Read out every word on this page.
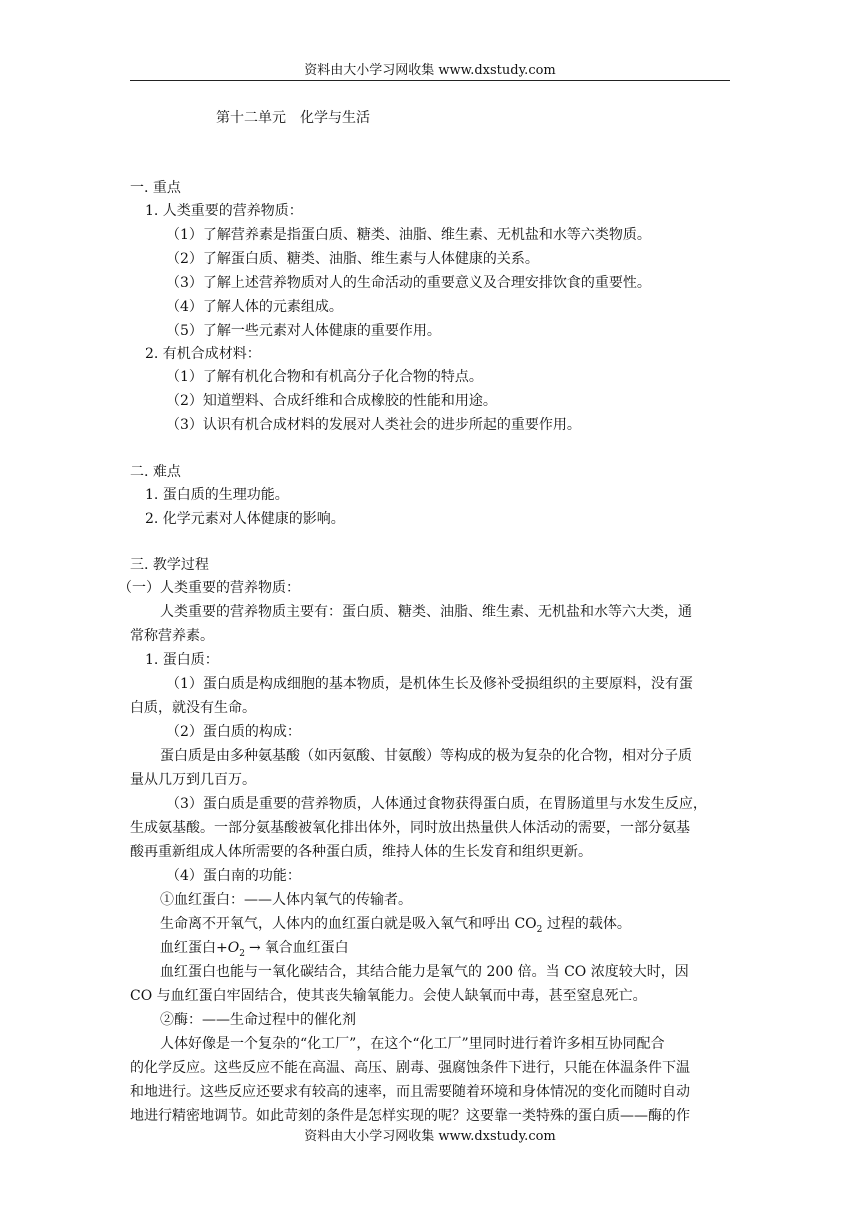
资料由大小学习网收集 www.dxstudy.com
第十二单元　化学与生活
一. 重点
1. 人类重要的营养物质：
（1）了解营养素是指蛋白质、糖类、油脂、维生素、无机盐和水等六类物质。
（2）了解蛋白质、糖类、油脂、维生素与人体健康的关系。
（3）了解上述营养物质对人的生命活动的重要意义及合理安排饮食的重要性。
（4）了解人体的元素组成。
（5）了解一些元素对人体健康的重要作用。
2. 有机合成材料：
（1）了解有机化合物和有机高分子化合物的特点。
（2）知道塑料、合成纤维和合成橡胶的性能和用途。
（3）认识有机合成材料的发展对人类社会的进步所起的重要作用。
二. 难点
1. 蛋白质的生理功能。
2. 化学元素对人体健康的影响。
三. 教学过程
（一）人类重要的营养物质：
人类重要的营养物质主要有：蛋白质、糖类、油脂、维生素、无机盐和水等六大类，通
常称营养素。
1. 蛋白质：
（1）蛋白质是构成细胞的基本物质，是机体生长及修补受损组织的主要原料，没有蛋
白质，就没有生命。
（2）蛋白质的构成：
蛋白质是由多种氨基酸（如丙氨酸、甘氨酸）等构成的极为复杂的化合物，相对分子质
量从几万到几百万。
（3）蛋白质是重要的营养物质，人体通过食物获得蛋白质，在胃肠道里与水发生反应，
生成氨基酸。一部分氨基酸被氧化排出体外，同时放出热量供人体活动的需要，一部分氨基
酸再重新组成人体所需要的各种蛋白质，维持人体的生长发育和组织更新。
（4）蛋白南的功能：
①血红蛋白：——人体内氧气的传输者。
生命离不开氧气，人体内的血红蛋白就是吸入氧气和呼出 $CO_2$ 过程的载体。
血红蛋白$+O_2$ → 氧合血红蛋白
血红蛋白也能与一氧化碳结合，其结合能力是氧气的 200 倍。当 CO 浓度较大时，因
CO 与血红蛋白牢固结合，使其丧失输氧能力。会使人缺氧而中毒，甚至窒息死亡。
②酶：——生命过程中的催化剂
人体好像是一个复杂的“化工厂”，在这个“化工厂”里同时进行着许多相互协同配合
的化学反应。这些反应不能在高温、高压、剧毒、强腐蚀条件下进行，只能在体温条件下温
和地进行。这些反应还要求有较高的速率，而且需要随着环境和身体情况的变化而随时自动
地进行精密地调节。如此苛刻的条件是怎样实现的呢？这要靠一类特殊的蛋白质——酶的作
资料由大小学习网收集 www.dxstudy.com
